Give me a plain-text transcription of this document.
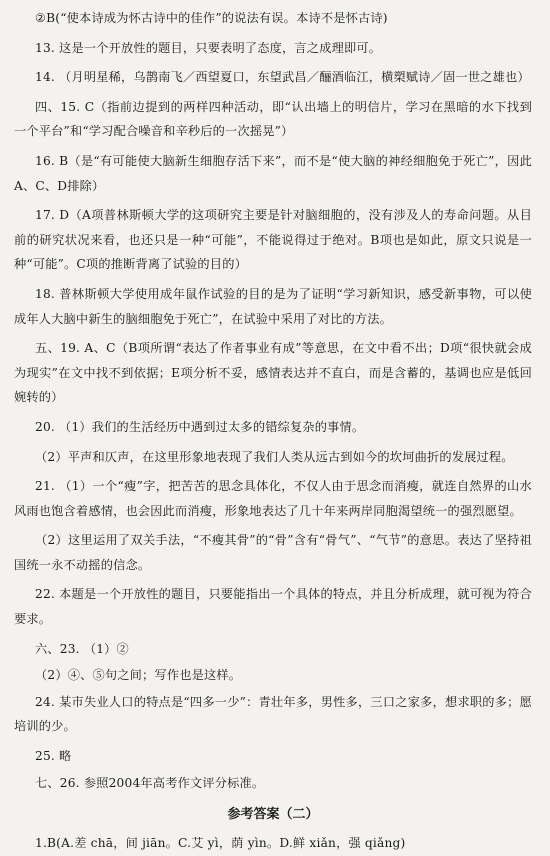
②B(“使本诗成为怀古诗中的佳作”的说法有误。本诗不是怀古诗)

13. 这是一个开放性的题目，只要表明了态度，言之成理即可。

14. （月明星稀，乌鹊南飞／西望夏口，东望武昌／酾酒临江，横槊赋诗／固一世之雄也）

四、15. C（指前边提到的两样四种活动，即“认出墙上的明信片，学习在黑暗的水下找到一个平台”和“学习配合噪音和辛秒后的一次摇晃”）

16. B（是“有可能使大脑新生细胞存活下来”，而不是“使大脑的神经细胞免于死亡”，因此A、C、D排除）

17. D（A项普林斯顿大学的这项研究主要是针对脑细胞的，没有涉及人的寿命问题。从目前的研究状况来看，也还只是一种“可能”，不能说得过于绝对。B项也是如此，原文只说是一种“可能”。C项的推断背离了试验的目的）

18. 普林斯顿大学使用成年鼠作试验的目的是为了证明“学习新知识，感受新事物，可以使成年人大脑中新生的脑细胞免于死亡”，在试验中采用了对比的方法。

五、19. A、C（B项所谓“表达了作者事业有成”等意思，在文中看不出；D项“很快就会成为现实”在文中找不到依据；E项分析不妥，感情表达并不直白，而是含蓄的，基调也应是低回婉转的）

20. （1）我们的生活经历中遇到过太多的错综复杂的事情。

（2）平声和仄声，在这里形象地表现了我们人类从远古到如今的坎坷曲折的发展过程。

21. （1）一个“瘦”字，把苦苦的思念具体化，不仅人由于思念而消瘦，就连自然界的山水风雨也饱含着感情，也会因此而消瘦，形象地表达了几十年来两岸同胞渴望统一的强烈愿望。

（2）这里运用了双关手法，“不瘦其骨”的“骨”含有“骨气”、“气节”的意思。表达了坚持祖国统一永不动摇的信念。

22. 本题是一个开放性的题目，只要能指出一个具体的特点，并且分析成理，就可视为符合要求。

六、23. （1）②

（2）④、⑤句之间；写作也是这样。

24. 某市失业人口的特点是“四多一少”：青壮年多，男性多，三口之家多，想求职的多；愿培训的少。

25. 略

七、26. 参照2004年高考作文评分标准。

参考答案（二）

1.B(A.差 chā，间 jiān。C.艾 yì，荫 yìn。D.鲜 xiǎn，强 qiǎng)
